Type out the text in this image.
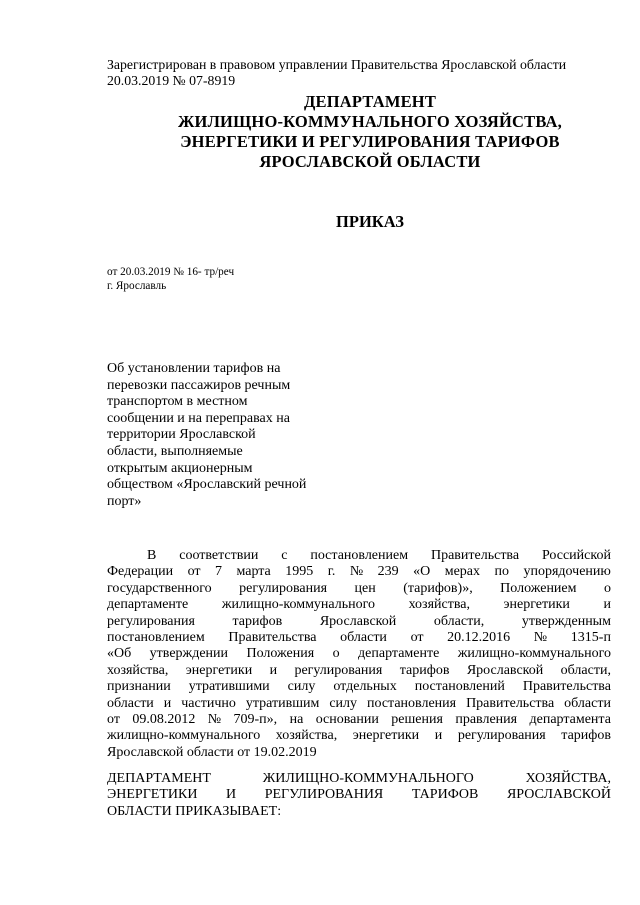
Зарегистрирован в правовом управлении Правительства Ярославской области
20.03.2019 № 07-8919
ДЕПАРТАМЕНТ
ЖИЛИЩНО-КОММУНАЛЬНОГО ХОЗЯЙСТВА,
ЭНЕРГЕТИКИ И РЕГУЛИРОВАНИЯ ТАРИФОВ
ЯРОСЛАВСКОЙ ОБЛАСТИ
ПРИКАЗ
от 20.03.2019 № 16- тр/реч
г. Ярославль
Об установлении тарифов на
перевозки пассажиров речным
транспортом в местном
сообщении и на переправах на
территории Ярославской
области, выполняемые
открытым акционерным
обществом «Ярославский речной
порт»
В соответствии с постановлением Правительства Российской
Федерации от 7 марта 1995 г. № 239 «О мерах по упорядочению
государственного регулирования цен (тарифов)», Положением о
департаменте жилищно-коммунального хозяйства, энергетики и
регулирования	тарифов	Ярославской	области,	утвержденным
постановлением Правительства области от 20.12.2016 № 1315-п
«Об утверждении Положения о департаменте жилищно-коммунального
хозяйства, энергетики и регулирования тарифов Ярославской области,
признании утратившими силу отдельных постановлений Правительства
области и частично утратившим силу постановления Правительства области
от 09.08.2012 № 709-п», на основании решения правления департамента
жилищно-коммунального хозяйства, энергетики и регулирования тарифов
Ярославской области от 19.02.2019
ДЕПАРТАМЕНТ	ЖИЛИЩНО-КОММУНАЛЬНОГО	ХОЗЯЙСТВА,
ЭНЕРГЕТИКИ И РЕГУЛИРОВАНИЯ ТАРИФОВ ЯРОСЛАВСКОЙ
ОБЛАСТИ ПРИКАЗЫВАЕТ:
